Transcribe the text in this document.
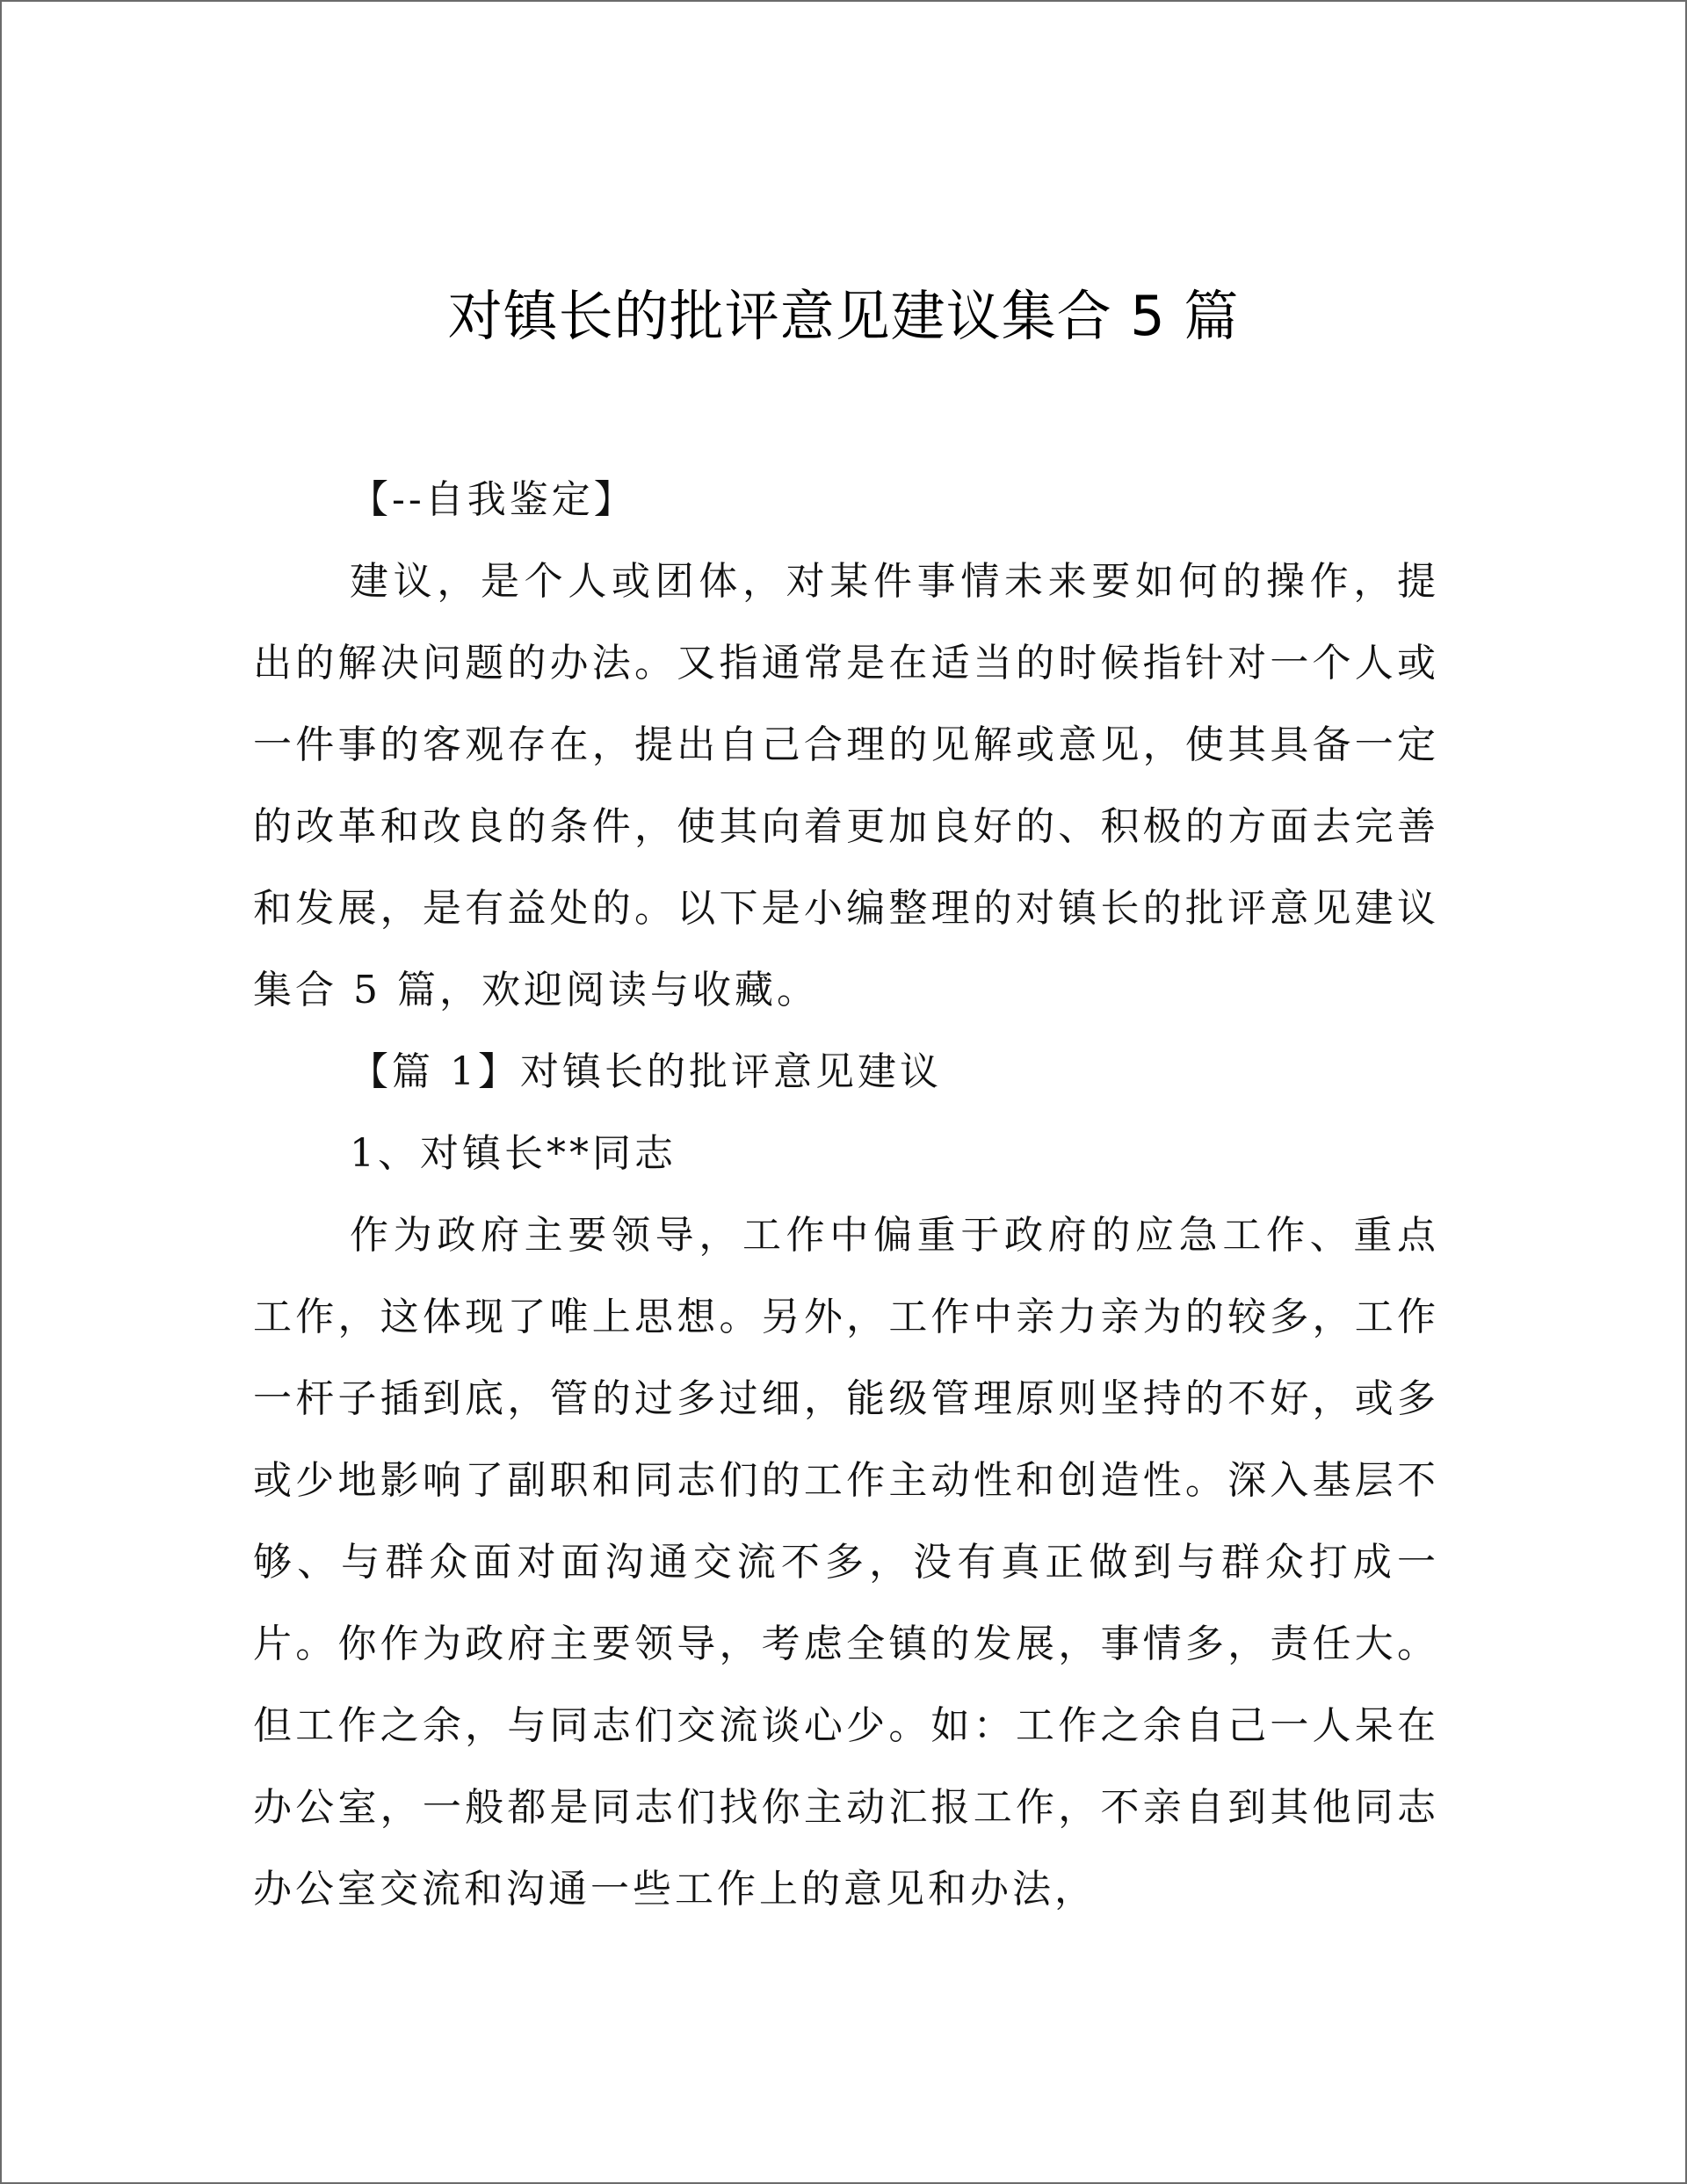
对镇长的批评意见建议集合 5 篇

【--自我鉴定】

建议，是个人或团体，对某件事情未来要如何的操作，提出的解决问题的办法。又指通常是在适当的时候指针对一个人或一件事的客观存在，提出自己合理的见解或意见，使其具备一定的改革和改良的条件，使其向着更加良好的、积极的方面去完善和发展，是有益处的。以下是小编整理的对镇长的批评意见建议集合 5 篇，欢迎阅读与收藏。

【篇 1】对镇长的批评意见建议

1、对镇长**同志

作为政府主要领导，工作中偏重于政府的应急工作、重点工作，这体现了唯上思想。另外，工作中亲力亲为的较多，工作一杆子插到底，管的过多过细，能级管理原则坚持的不好，或多或少地影响了副职和同志们的工作主动性和创造性。深入基层不够、与群众面对面沟通交流不多，没有真正做到与群众打成一片。你作为政府主要领导，考虑全镇的发展，事情多，责任大。但工作之余，与同志们交流谈心少。如：工作之余自己一人呆在办公室，一般都是同志们找你主动汇报工作，不亲自到其他同志办公室交流和沟通一些工作上的意见和办法，
